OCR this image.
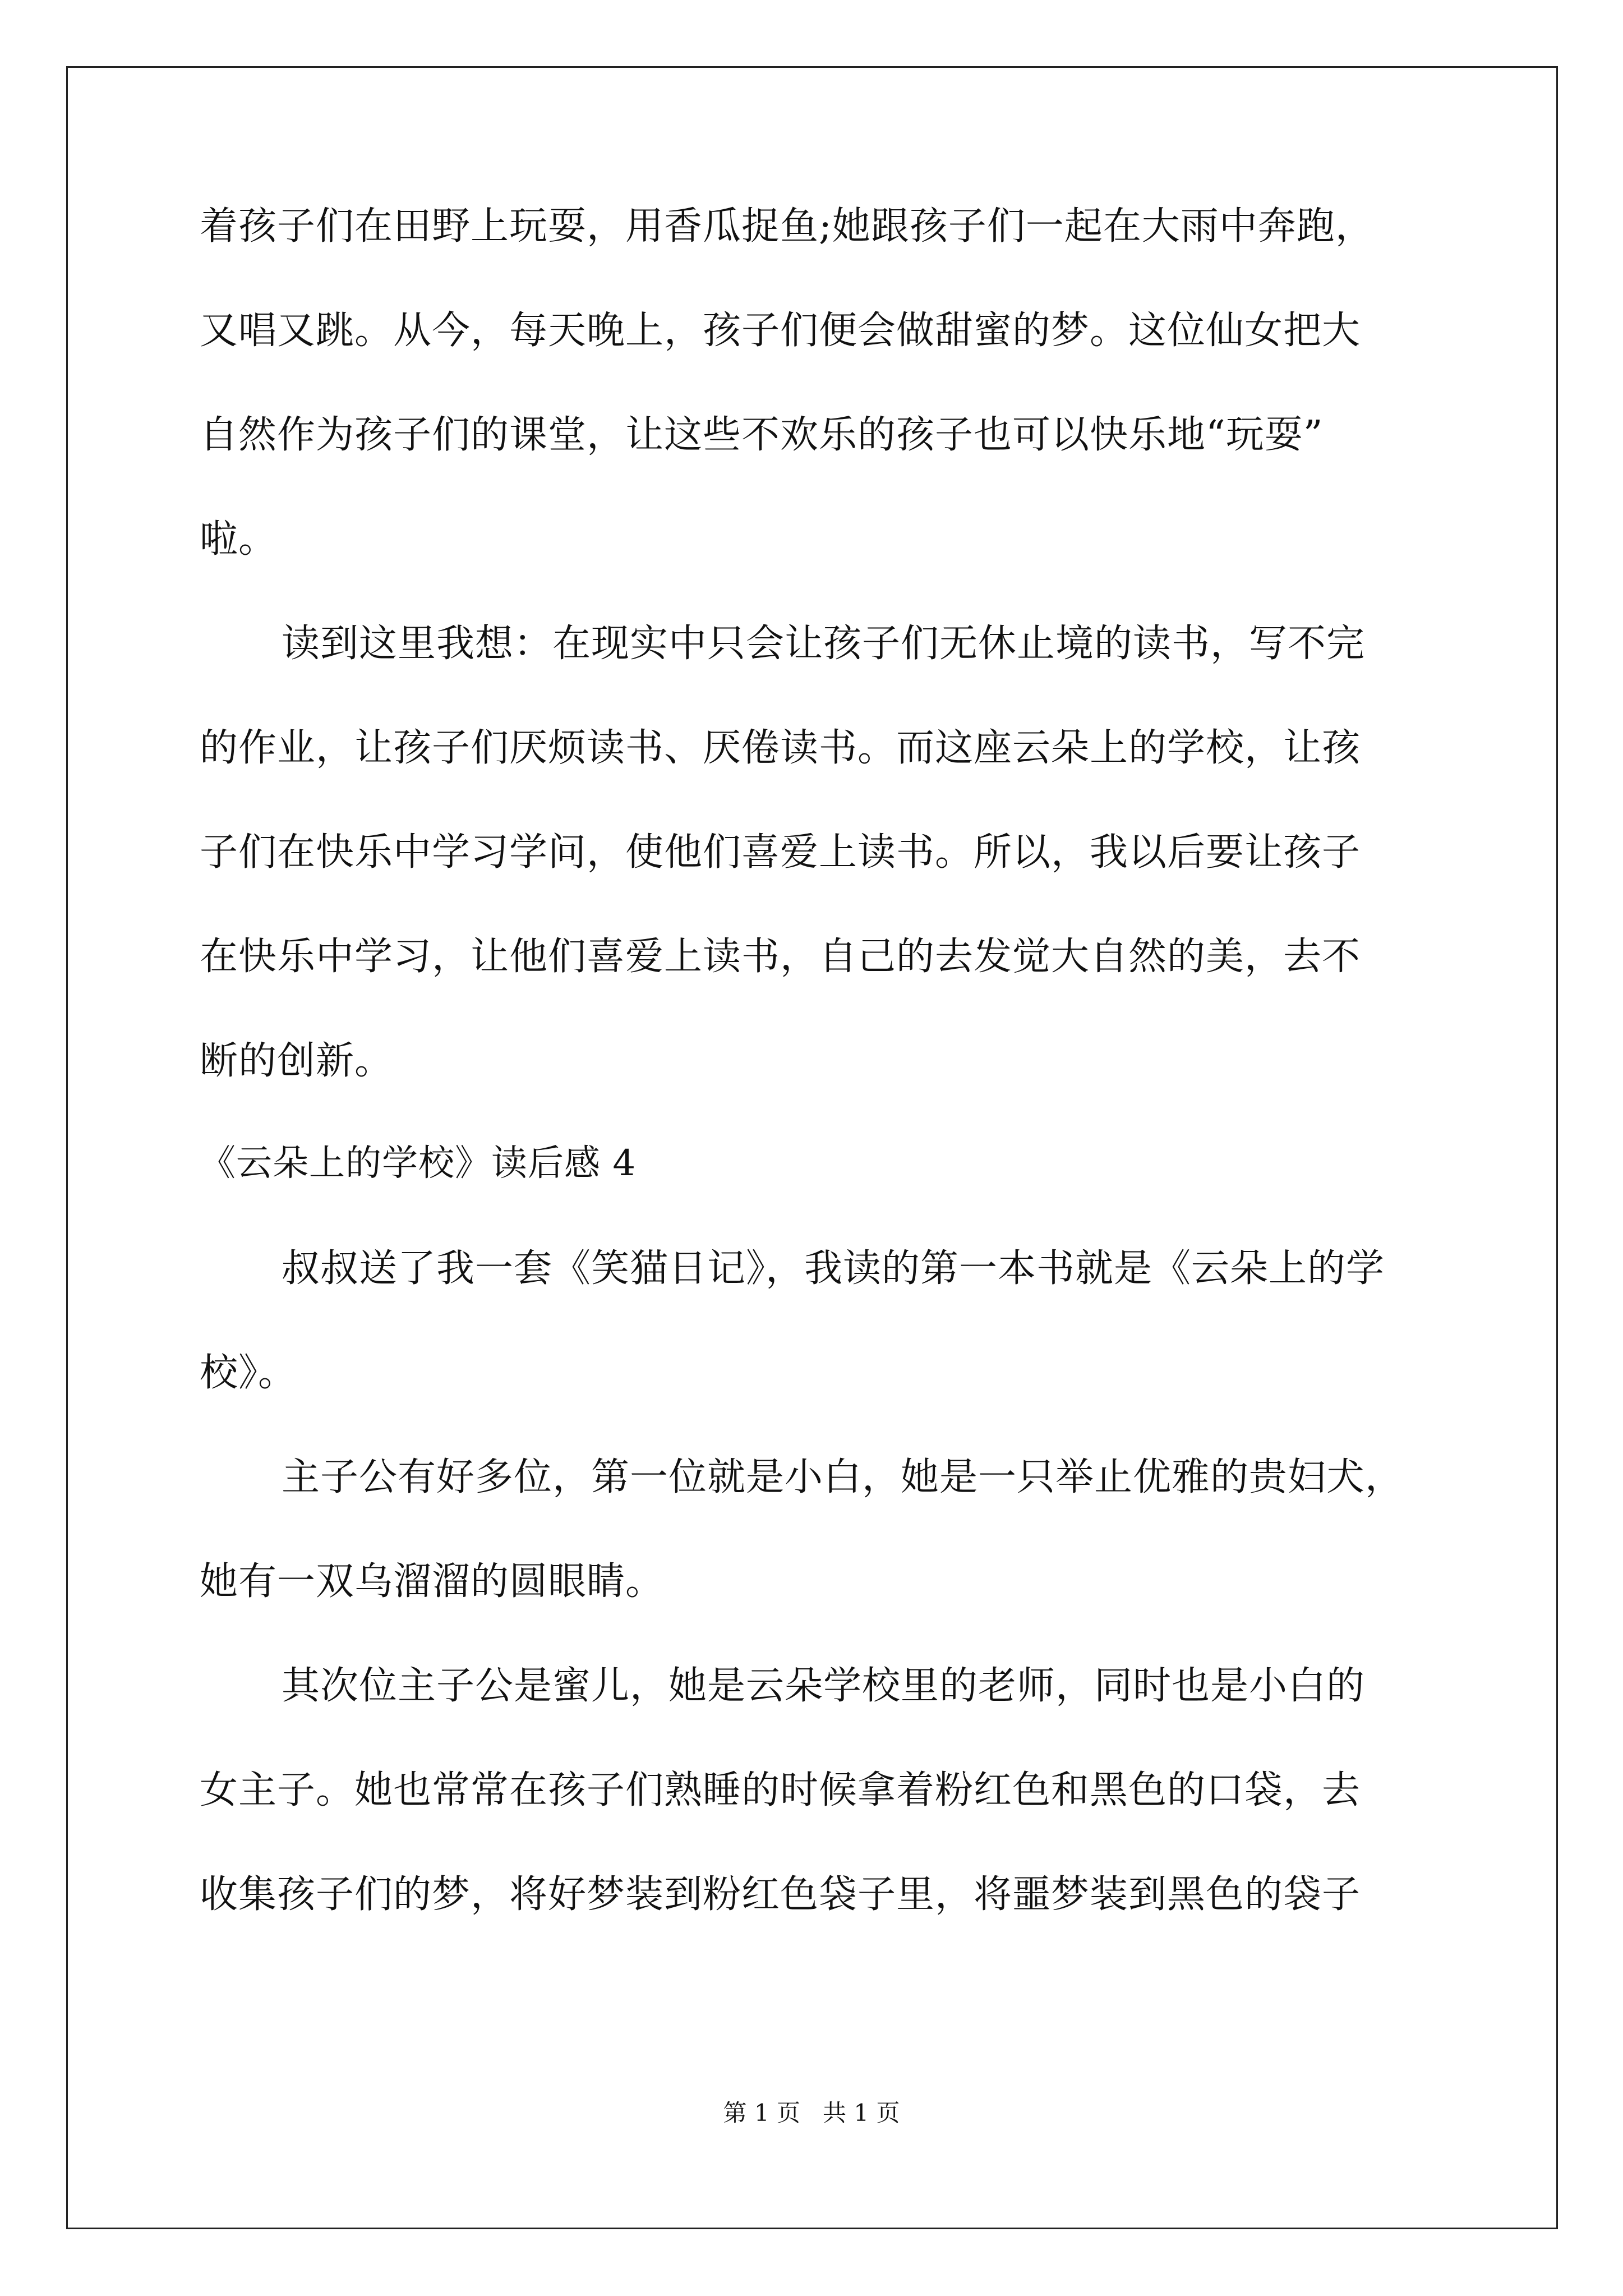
着孩子们在田野上玩耍，用香瓜捉鱼;她跟孩子们一起在大雨中奔跑，
又唱又跳。从今，每天晚上，孩子们便会做甜蜜的梦。这位仙女把大
自然作为孩子们的课堂，让这些不欢乐的孩子也可以快乐地“玩耍”
啦。
读到这里我想：在现实中只会让孩子们无休止境的读书，写不完
的作业，让孩子们厌烦读书、厌倦读书。而这座云朵上的学校，让孩
子们在快乐中学习学问，使他们喜爱上读书。所以，我以后要让孩子
在快乐中学习，让他们喜爱上读书，自己的去发觉大自然的美，去不
断的创新。
《云朵上的学校》读后感 4
叔叔送了我一套《笑猫日记》，我读的第一本书就是《云朵上的学
校》。
主子公有好多位，第一位就是小白，她是一只举止优雅的贵妇犬，
她有一双乌溜溜的圆眼睛。
其次位主子公是蜜儿，她是云朵学校里的老师，同时也是小白的
女主子。她也常常在孩子们熟睡的时候拿着粉红色和黑色的口袋，去
收集孩子们的梦，将好梦装到粉红色袋子里，将噩梦装到黑色的袋子
第 1 页   共 1 页
